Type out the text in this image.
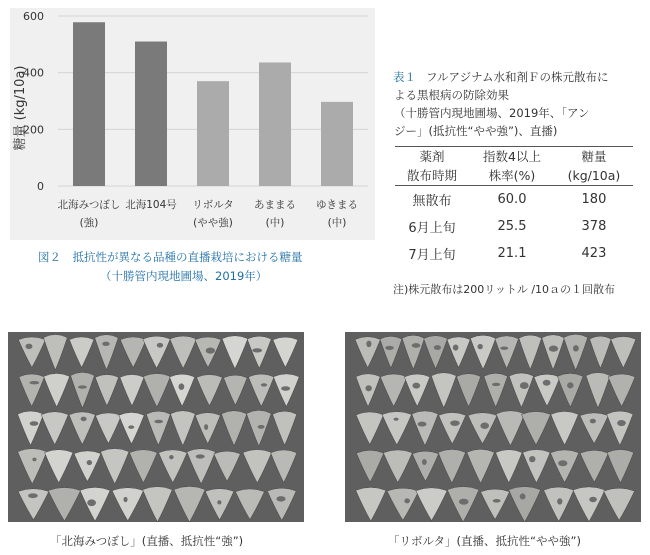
0
200
400
600
北海みつぼし
(強)
北海104号 リボルタ
(やや強)
あままる
(中)
ゆきまる
(中)
糖量 (kg/10a)
図２　抵抗性が異なる品種の直播栽培における糖量
（十勝管内現地圃場、2019年）
表１ フルアジナム水和剤Ｆの株元散布に
よる黒根病の防除効果
（十勝管内現地圃場、2019年、「アン
ジー」(抵抗性“やや強”)、直播)
薬剤	指数4以上	糖量
散布時期	株率(%)	(kg/10a)
無散布	60.0	180
6月上旬	25.5	378
7月上旬	21.1	423
注)株元散布は200リットル /10ａの１回散布
「北海みつぼし」(直播、抵抗性“強”)	「リボルタ」(直播、抵抗性“やや強”)
